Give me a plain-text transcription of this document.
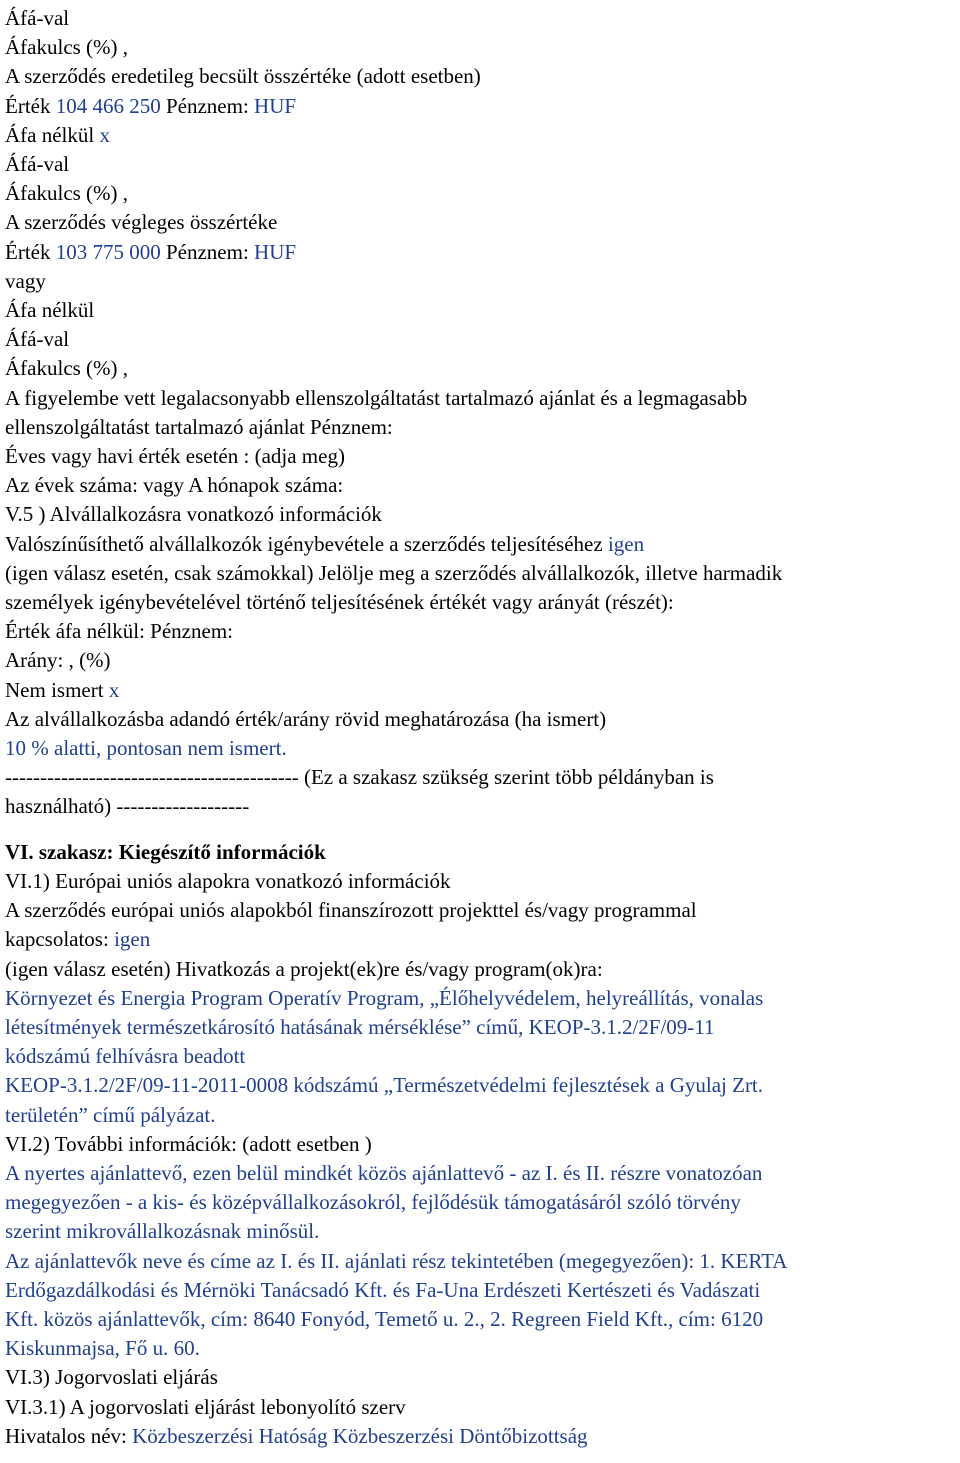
Áfá-val
Áfakulcs (%) ,
A szerződés eredetileg becsült összértéke (adott esetben)
Érték 104 466 250 Pénznem: HUF
Áfa nélkül x
Áfá-val
Áfakulcs (%) ,
A szerződés végleges összértéke
Érték 103 775 000 Pénznem: HUF
vagy
Áfa nélkül
Áfá-val
Áfakulcs (%) ,
A figyelembe vett legalacsonyabb ellenszolgáltatást tartalmazó ajánlat és a legmagasabb
ellenszolgáltatást tartalmazó ajánlat Pénznem:
Éves vagy havi érték esetén : (adja meg)
Az évek száma: vagy A hónapok száma:
V.5 ) Alvállalkozásra vonatkozó információk
Valószínűsíthető alvállalkozók igénybevétele a szerződés teljesítéséhez igen
(igen válasz esetén, csak számokkal) Jelölje meg a szerződés alvállalkozók, illetve harmadik
személyek igénybevételével történő teljesítésének értékét vagy arányát (részét):
Érték áfa nélkül: Pénznem:
Arány: , (%)
Nem ismert x
Az alvállalkozásba adandó érték/arány rövid meghatározása (ha ismert)
10 % alatti, pontosan nem ismert.
------------------------------------------ (Ez a szakasz szükség szerint több példányban is
használható) -------------------
VI. szakasz: Kiegészítő információk
VI.1) Európai uniós alapokra vonatkozó információk
A szerződés európai uniós alapokból finanszírozott projekttel és/vagy programmal
kapcsolatos: igen
(igen válasz esetén) Hivatkozás a projekt(ek)re és/vagy program(ok)ra:
Környezet és Energia Program Operatív Program, „Élőhelyvédelem, helyreállítás, vonalas
létesítmények természetkárosító hatásának mérséklése” című, KEOP-3.1.2/2F/09-11
kódszámú felhívásra beadott
KEOP-3.1.2/2F/09-11-2011-0008 kódszámú „Természetvédelmi fejlesztések a Gyulaj Zrt.
területén” című pályázat.
VI.2) További információk: (adott esetben )
A nyertes ajánlattevő, ezen belül mindkét közös ajánlattevő - az I. és II. részre vonatozóan
megegyezően - a kis- és középvállalkozásokról, fejlődésük támogatásáról szóló törvény
szerint mikrovállalkozásnak minősül.
Az ajánlattevők neve és címe az I. és II. ajánlati rész tekintetében (megegyezően): 1. KERTA
Erdőgazdálkodási és Mérnöki Tanácsadó Kft. és Fa-Una Erdészeti Kertészeti és Vadászati
Kft. közös ajánlattevők, cím: 8640 Fonyód, Temető u. 2., 2. Regreen Field Kft., cím: 6120
Kiskunmajsa, Fő u. 60.
VI.3) Jogorvoslati eljárás
VI.3.1) A jogorvoslati eljárást lebonyolító szerv
Hivatalos név: Közbeszerzési Hatóság Közbeszerzési Döntőbizottság
